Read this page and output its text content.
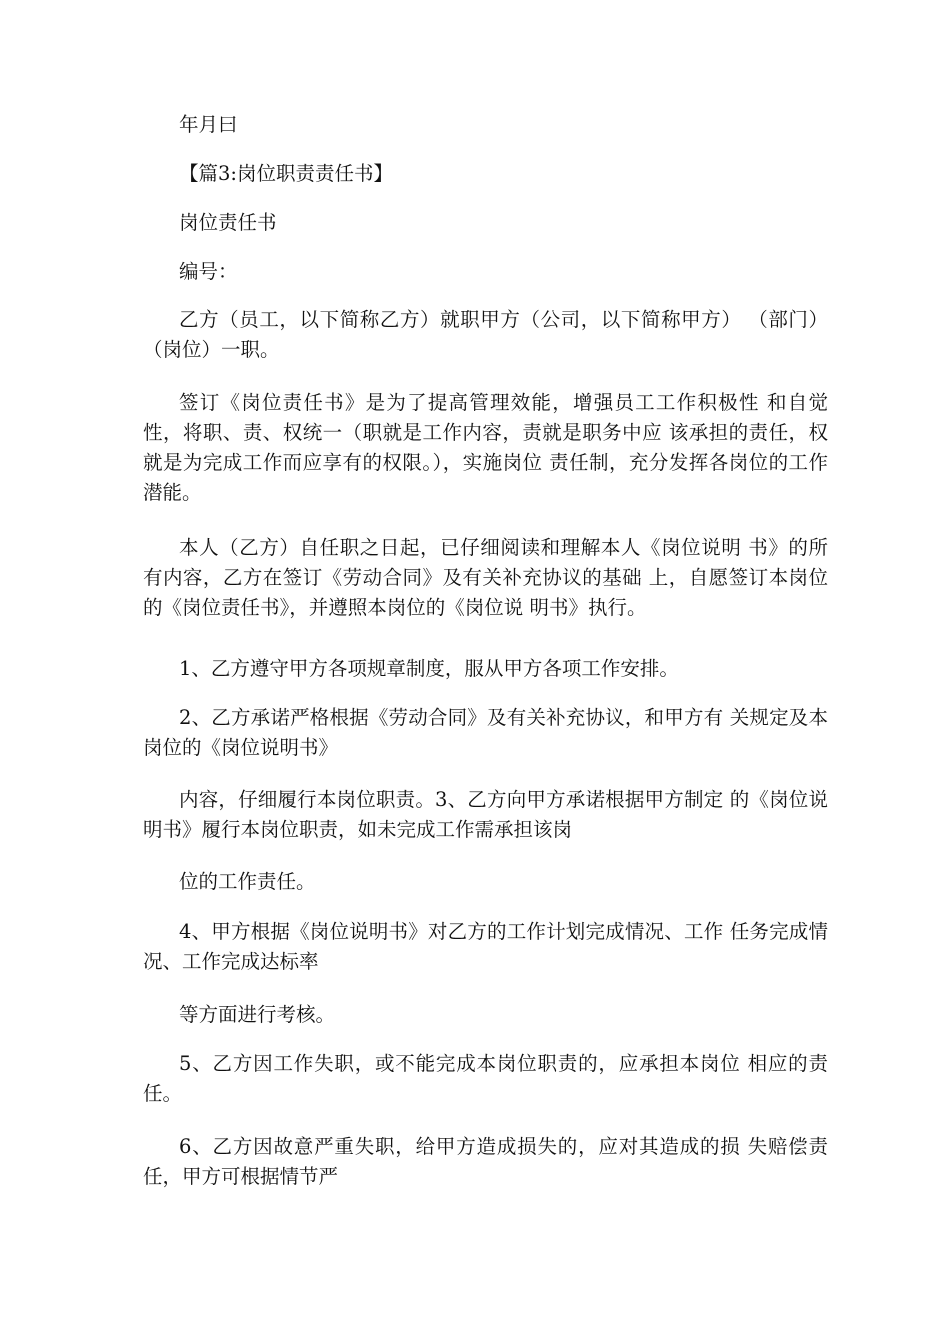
年月曰

【篇3:岗位职责责任书】

岗位责任书

编号：

乙方（员工，以下简称乙方）就职甲方（公司，以下简称甲方） （部门）（岗位）一职。

签订《岗位责任书》是为了提高管理效能，增强员工工作积极性 和自觉性，将职、责、权统一（职就是工作内容，责就是职务中应 该承担的责任，权就是为完成工作而应享有的权限。），实施岗位 责任制，充分发挥各岗位的工作潜能。

本人（乙方）自任职之日起，已仔细阅读和理解本人《岗位说明 书》的所有内容，乙方在签订《劳动合同》及有关补充协议的基础 上，自愿签订本岗位的《岗位责任书》，并遵照本岗位的《岗位说 明书》执行。

1、乙方遵守甲方各项规章制度，服从甲方各项工作安排。

2、乙方承诺严格根据《劳动合同》及有关补充协议，和甲方有 关规定及本岗位的《岗位说明书》

内容，仔细履行本岗位职责。3、乙方向甲方承诺根据甲方制定 的《岗位说明书》履行本岗位职责，如未完成工作需承担该岗

位的工作责任。

4、甲方根据《岗位说明书》对乙方的工作计划完成情况、工作 任务完成情况、工作完成达标率

等方面进行考核。

5、乙方因工作失职，或不能完成本岗位职责的，应承担本岗位 相应的责任。

6、乙方因故意严重失职，给甲方造成损失的，应对其造成的损 失赔偿责任，甲方可根据情节严
